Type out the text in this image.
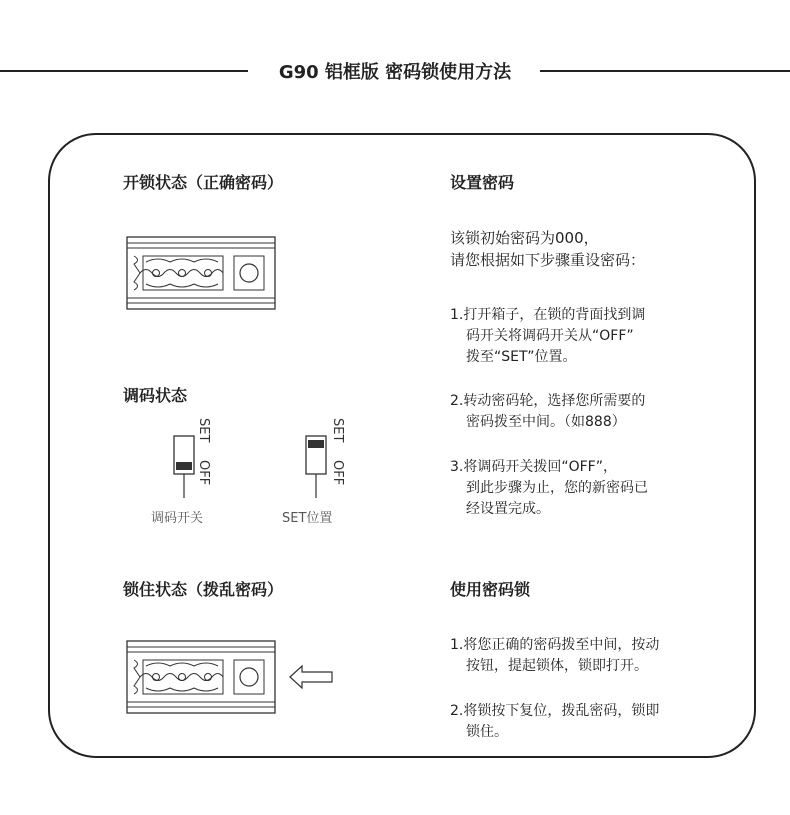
G90 铝框版 密码锁使用方法
开锁状态（正确密码）
调码状态
SET
OFF
SET
OFF
调码开关	SET位置
锁住状态（拨乱密码）
设置密码
该锁初始密码为000，
请您根据如下步骤重设密码：
1.打开箱子，在锁的背面找到调
码开关将调码开关从“OFF”
拨至“SET”位置。
2.转动密码轮，选择您所需要的
密码拨至中间。（如888）
3.将调码开关拨回“OFF”，
到此步骤为止，您的新密码已
经设置完成。
使用密码锁
1.将您正确的密码拨至中间，按动
按钮，提起锁体，锁即打开。
2.将锁按下复位，拨乱密码，锁即
锁住。
